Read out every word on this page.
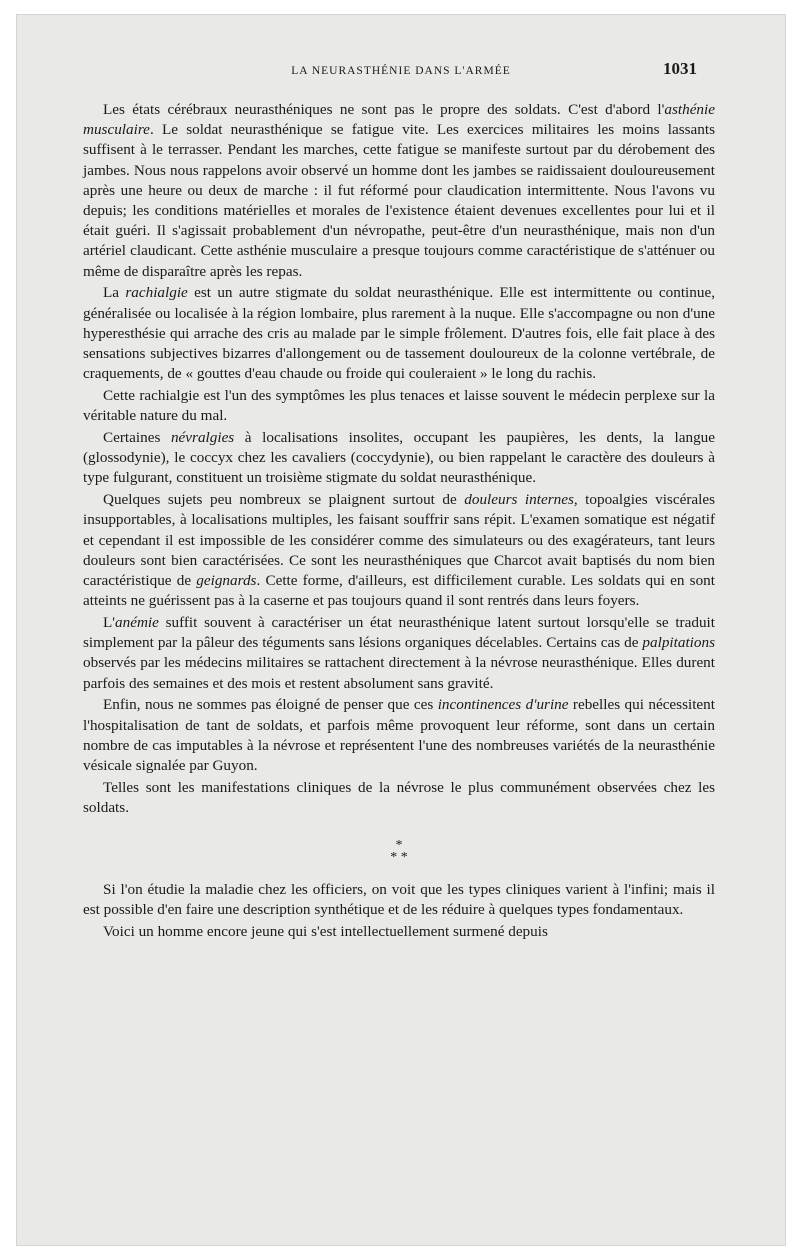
LA NEURASTHÉNIE DANS L'ARMÉE	1031

Les états cérébraux neurasthéniques ne sont pas le propre des soldats. C'est d'abord l'asthénie musculaire. Le soldat neurasthénique se fatigue vite. Les exercices militaires les moins lassants suffisent à le terrasser. Pendant les marches, cette fatigue se manifeste surtout par du dérobement des jambes. Nous nous rappelons avoir observé un homme dont les jambes se raidissaient douloureusement après une heure ou deux de marche : il fut réformé pour claudication intermittente. Nous l'avons vu depuis; les conditions matérielles et morales de l'existence étaient devenues excellentes pour lui et il était guéri. Il s'agissait probablement d'un névropathe, peut-être d'un neurasthénique, mais non d'un artériel claudicant. Cette asthénie musculaire a presque toujours comme caractéristique de s'atténuer ou même de disparaître après les repas.

La rachialgie est un autre stigmate du soldat neurasthénique. Elle est intermittente ou continue, généralisée ou localisée à la région lombaire, plus rarement à la nuque. Elle s'accompagne ou non d'une hyperesthésie qui arrache des cris au malade par le simple frôlement. D'autres fois, elle fait place à des sensations subjectives bizarres d'allongement ou de tassement douloureux de la colonne vertébrale, de craquements, de « gouttes d'eau chaude ou froide qui couleraient » le long du rachis.

Cette rachialgie est l'un des symptômes les plus tenaces et laisse souvent le médecin perplexe sur la véritable nature du mal.

Certaines névralgies à localisations insolites, occupant les paupières, les dents, la langue (glossodynie), le coccyx chez les cavaliers (coccydynie), ou bien rappelant le caractère des douleurs à type fulgurant, constituent un troisième stigmate du soldat neurasthénique.

Quelques sujets peu nombreux se plaignent surtout de douleurs internes, topoalgies viscérales insupportables, à localisations multiples, les faisant souffrir sans répit. L'examen somatique est négatif et cependant il est impossible de les considérer comme des simulateurs ou des exagérateurs, tant leurs douleurs sont bien caractérisées. Ce sont les neurasthéniques que Charcot avait baptisés du nom bien caractéristique de geignards. Cette forme, d'ailleurs, est difficilement curable. Les soldats qui en sont atteints ne guérissent pas à la caserne et pas toujours quand il sont rentrés dans leurs foyers.

L'anémie suffit souvent à caractériser un état neurasthénique latent surtout lorsqu'elle se traduit simplement par la pâleur des téguments sans lésions organiques décelables. Certains cas de palpitations observés par les médecins militaires se rattachent directement à la névrose neurasthénique. Elles durent parfois des semaines et des mois et restent absolument sans gravité.

Enfin, nous ne sommes pas éloigné de penser que ces incontinences d'urine rebelles qui nécessitent l'hospitalisation de tant de soldats, et parfois même provoquent leur réforme, sont dans un certain nombre de cas imputables à la névrose et représentent l'une des nombreuses variétés de la neurasthénie vésicale signalée par Guyon.

Telles sont les manifestations cliniques de la névrose le plus communément observées chez les soldats.

*
* *

Si l'on étudie la maladie chez les officiers, on voit que les types cliniques varient à l'infini; mais il est possible d'en faire une description synthétique et de les réduire à quelques types fondamentaux.

Voici un homme encore jeune qui s'est intellectuellement surmené depuis
